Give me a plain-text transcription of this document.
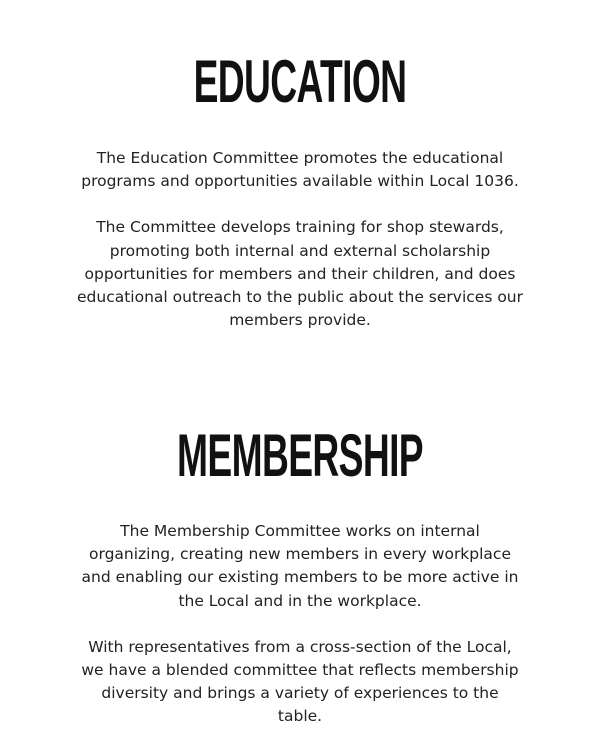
EDUCATION

The Education Committee promotes the educational programs and opportunities available within Local 1036.

The Committee develops training for shop stewards, promoting both internal and external scholarship opportunities for members and their children, and does educational outreach to the public about the services our members provide.

MEMBERSHIP

The Membership Committee works on internal organizing, creating new members in every workplace and enabling our existing members to be more active in the Local and in the workplace.

With representatives from a cross-section of the Local, we have a blended committee that reflects membership diversity and brings a variety of experiences to the table.
